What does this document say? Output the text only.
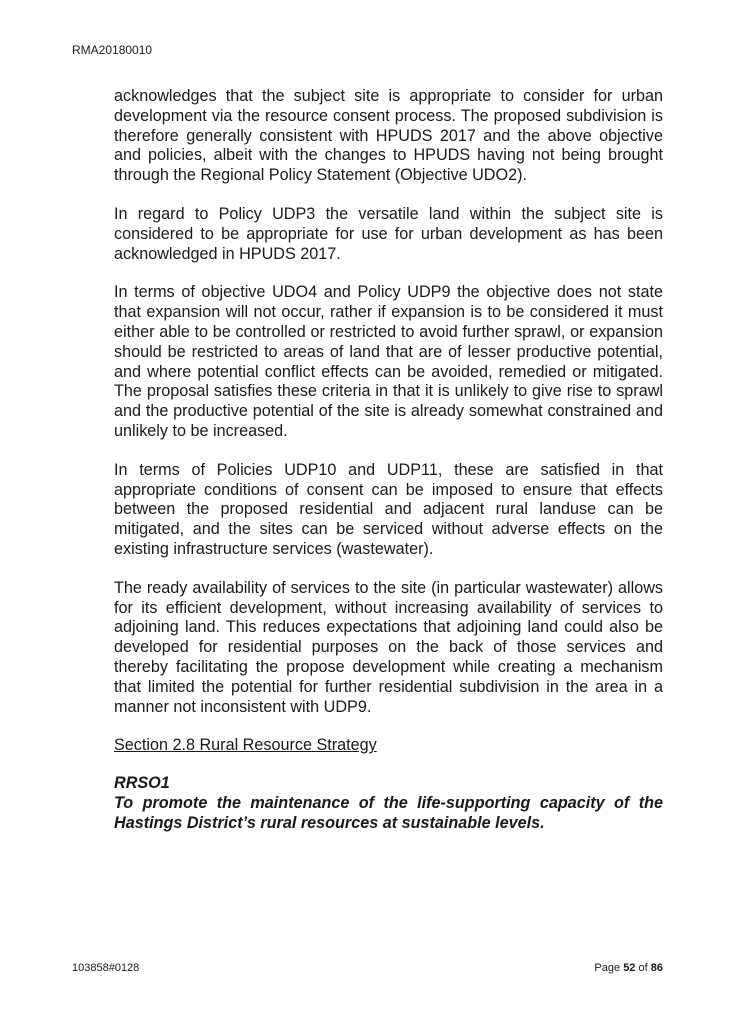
RMA20180010

acknowledges that the subject site is appropriate to consider for urban development via the resource consent process. The proposed subdivision is therefore generally consistent with HPUDS 2017 and the above objective and policies, albeit with the changes to HPUDS having not being brought through the Regional Policy Statement (Objective UDO2).

In regard to Policy UDP3 the versatile land within the subject site is considered to be appropriate for use for urban development as has been acknowledged in HPUDS 2017.

In terms of objective UDO4 and Policy UDP9 the objective does not state that expansion will not occur, rather if expansion is to be considered it must either able to be controlled or restricted to avoid further sprawl, or expansion should be restricted to areas of land that are of lesser productive potential, and where potential conflict effects can be avoided, remedied or mitigated. The proposal satisfies these criteria in that it is unlikely to give rise to sprawl and the productive potential of the site is already somewhat constrained and unlikely to be increased.

In terms of Policies UDP10 and UDP11, these are satisfied in that appropriate conditions of consent can be imposed to ensure that effects between the proposed residential and adjacent rural landuse can be mitigated, and the sites can be serviced without adverse effects on the existing infrastructure services (wastewater).

The ready availability of services to the site (in particular wastewater) allows for its efficient development, without increasing availability of services to adjoining land. This reduces expectations that adjoining land could also be developed for residential purposes on the back of those services and thereby facilitating the propose development while creating a mechanism that limited the potential for further residential subdivision in the area in a manner not inconsistent with UDP9.

Section 2.8 Rural Resource Strategy

RRSO1

To promote the maintenance of the life-supporting capacity of the Hastings District’s rural resources at sustainable levels.

103858#0128	Page 52 of 86
